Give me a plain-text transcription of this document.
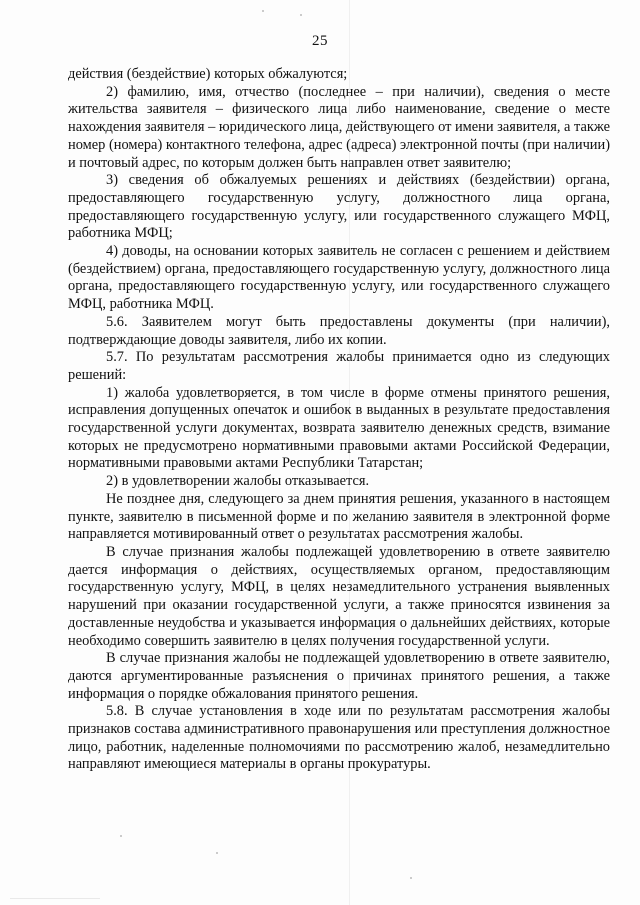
25

действия (бездействие) которых обжалуются;

2) фамилию, имя, отчество (последнее – при наличии), сведения о месте жительства заявителя – физического лица либо наименование, сведение о месте нахождения заявителя – юридического лица, действующего от имени заявителя, а также номер (номера) контактного телефона, адрес (адреса) электронной почты (при наличии) и почтовый адрес, по которым должен быть направлен ответ заявителю;

3) сведения об обжалуемых решениях и действиях (бездействии) органа, предоставляющего государственную услугу, должностного лица органа, предоставляющего государственную услугу, или государственного служащего МФЦ, работника МФЦ;

4) доводы, на основании которых заявитель не согласен с решением и действием (бездействием) органа, предоставляющего государственную услугу, должностного лица органа, предоставляющего государственную услугу, или государственного служащего МФЦ, работника МФЦ.

5.6. Заявителем могут быть предоставлены документы (при наличии), подтверждающие доводы заявителя, либо их копии.

5.7. По результатам рассмотрения жалобы принимается одно из следующих решений:

1) жалоба удовлетворяется, в том числе в форме отмены принятого решения, исправления допущенных опечаток и ошибок в выданных в результате предоставления государственной услуги документах, возврата заявителю денежных средств, взимание которых не предусмотрено нормативными правовыми актами Российской Федерации, нормативными правовыми актами Республики Татарстан;

2) в удовлетворении жалобы отказывается.

Не позднее дня, следующего за днем принятия решения, указанного в настоящем пункте, заявителю в письменной форме и по желанию заявителя в электронной форме направляется мотивированный ответ о результатах рассмотрения жалобы.

В случае признания жалобы подлежащей удовлетворению в ответе заявителю дается информация о действиях, осуществляемых органом, предоставляющим государственную услугу, МФЦ, в целях незамедлительного устранения выявленных нарушений при оказании государственной услуги, а также приносятся извинения за доставленные неудобства и указывается информация о дальнейших действиях, которые необходимо совершить заявителю в целях получения государственной услуги.

В случае признания жалобы не подлежащей удовлетворению в ответе заявителю, даются аргументированные разъяснения о причинах принятого решения, а также информация о порядке обжалования принятого решения.

5.8. В случае установления в ходе или по результатам рассмотрения жалобы признаков состава административного правонарушения или преступления должностное лицо, работник, наделенные полномочиями по рассмотрению жалоб, незамедлительно направляют имеющиеся материалы в органы прокуратуры.
